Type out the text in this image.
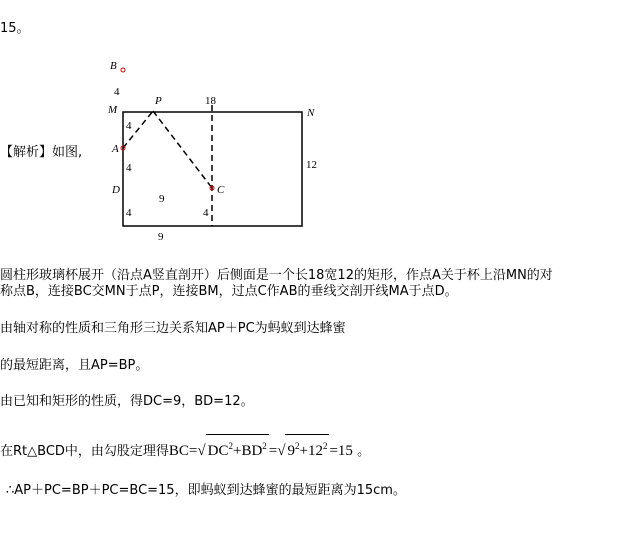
15。
【解析】如图,
B
4
M
P	18
N
4
A
4	12
D	C
9
4	4
9
圆柱形玻璃杯展开（沿点A竖直剖开）后侧面是一个长18宽12的矩形，作点A关于杯上沿MN的对
称点B，连接BC交MN于点P，连接BM，过点C作AB的垂线交剖开线MA于点D。
由轴对称的性质和三角形三边关系知AP＋PC为蚂蚁到达蜂蜜
的最短距离，且AP=BP。
由已知和矩形的性质，得DC=9，BD=12。
在Rt△BCD中，由勾股定理得BC=√ $DC^2+BD^2$ =√ $9^2+12^2 =15$ 。
∴AP＋PC=BP＋PC=BC=15，即蚂蚁到达蜂蜜的最短距离为15cm。
